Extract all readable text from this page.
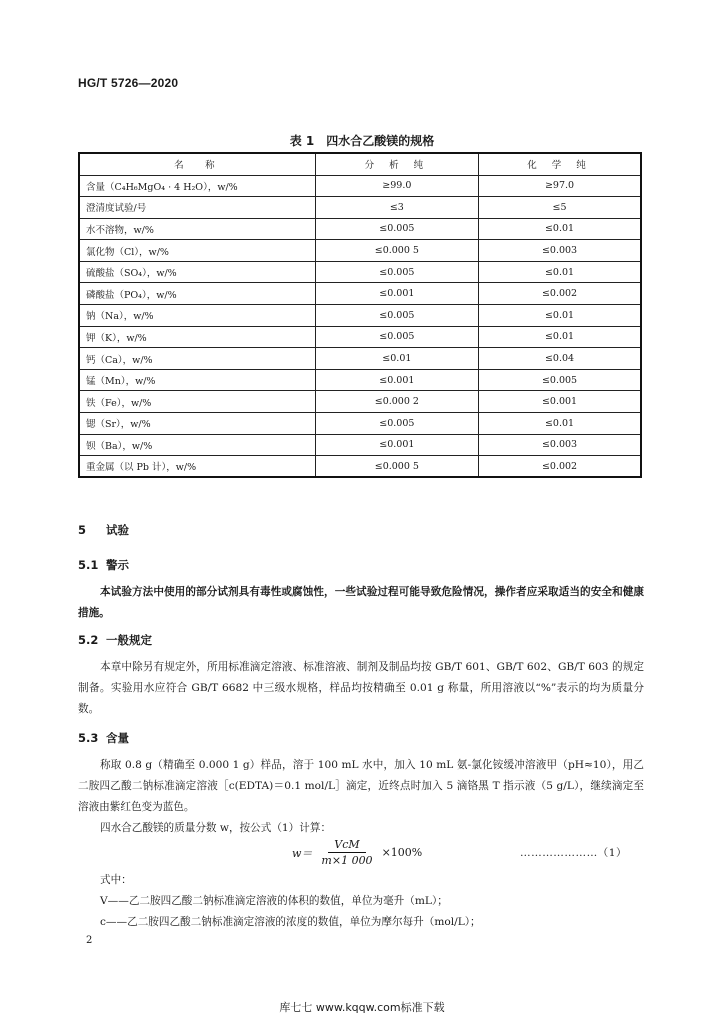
HG/T 5726—2020
表 1　四水合乙酸镁的规格
名　称	分 析 纯	化 学 纯
含量（C₄H₆MgO₄ · 4 H₂O），w/%	≥99.0	≥97.0
澄清度试验/号	≤3	≤5
水不溶物，w/%	≤0.005	≤0.01
氯化物（Cl），w/%	≤0.000 5	≤0.003
硫酸盐（SO₄），w/%	≤0.005	≤0.01
磷酸盐（PO₄），w/%	≤0.001	≤0.002
钠（Na），w/%	≤0.005	≤0.01
钾（K），w/%	≤0.005	≤0.01
钙（Ca），w/%	≤0.01	≤0.04
锰（Mn），w/%	≤0.001	≤0.005
铁（Fe），w/%	≤0.000 2	≤0.001
锶（Sr），w/%	≤0.005	≤0.01
钡（Ba），w/%	≤0.001	≤0.003
重金属（以 Pb 计），w/%	≤0.000 5	≤0.002
5 试验
5.1 警示
本试验方法中使用的部分试剂具有毒性或腐蚀性，一些试验过程可能导致危险情况，操作者应采取适当的安全和健康措施。
5.2 一般规定
本章中除另有规定外，所用标准滴定溶液、标准溶液、制剂及制品均按 GB/T 601、GB/T 602、GB/T 603 的规定制备。实验用水应符合 GB/T 6682 中三级水规格，样品均按精确至 0.01 g 称量，所用溶液以“%”表示的均为质量分数。
5.3 含量
称取 0.8 g（精确至 0.000 1 g）样品，溶于 100 mL 水中，加入 10 mL 氨-氯化铵缓冲溶液甲（pH≈10），用乙二胺四乙酸二钠标准滴定溶液［c(EDTA)＝0.1 mol/L］滴定，近终点时加入 5 滴铬黑 T 指示液（5 g/L），继续滴定至溶液由紫红色变为蓝色。
四水合乙酸镁的质量分数 w，按公式（1）计算：
$w= \frac{\text{VcM}}{m\times 1 000} \times 100\%$	…………………（1）
式中：
V——乙二胺四乙酸二钠标准滴定溶液的体积的数值，单位为毫升（mL）；
c——乙二胺四乙酸二钠标准滴定溶液的浓度的数值，单位为摩尔每升（mol/L）；
2
库七七 www.kqqw.com标准下载
